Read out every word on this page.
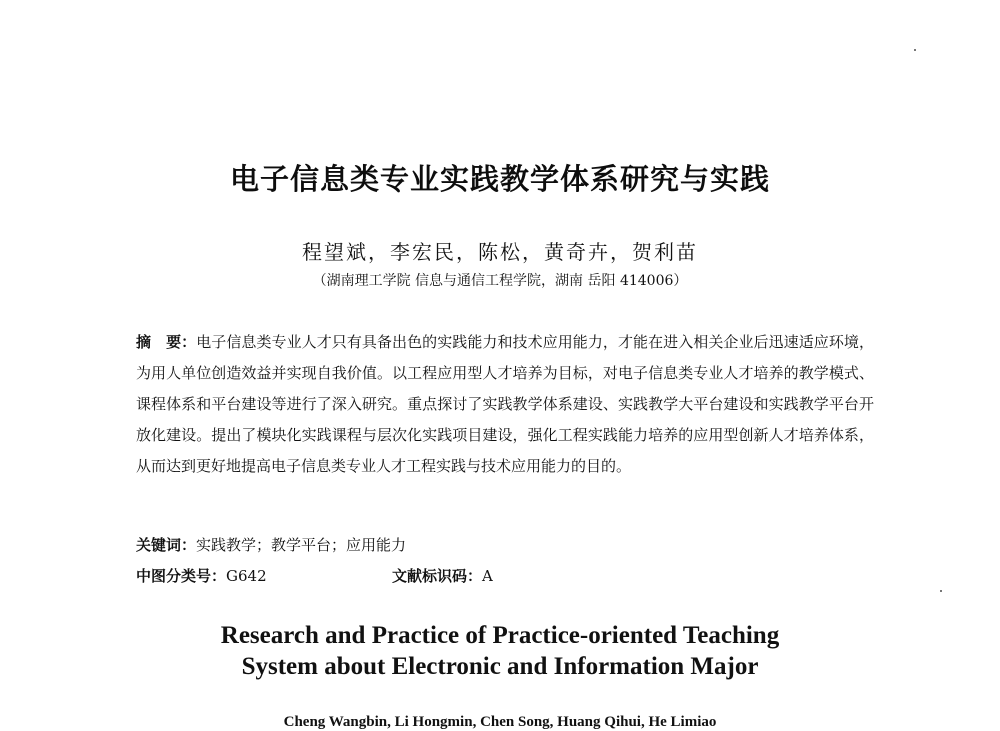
电子信息类专业实践教学体系研究与实践
程望斌，李宏民，陈松，黄奇卉，贺利苗
（湖南理工学院 信息与通信工程学院，湖南 岳阳 414006）

摘　要：电子信息类专业人才只有具备出色的实践能力和技术应用能力，才能在进入相关企业后迅速适应环境，为用人单位创造效益并实现自我价值。以工程应用型人才培养为目标，对电子信息类专业人才培养的教学模式、课程体系和平台建设等进行了深入研究。重点探讨了实践教学体系建设、实践教学大平台建设和实践教学平台开放化建设。提出了模块化实践课程与层次化实践项目建设，强化工程实践能力培养的应用型创新人才培养体系，从而达到更好地提高电子信息类专业人才工程实践与技术应用能力的目的。

关键词：实践教学；教学平台；应用能力
中图分类号：G642	文献标识码：A
Research and Practice of Practice-oriented Teaching
System about Electronic and Information Major
Cheng Wangbin, Li Hongmin, Chen Song, Huang Qihui, He Limiao
